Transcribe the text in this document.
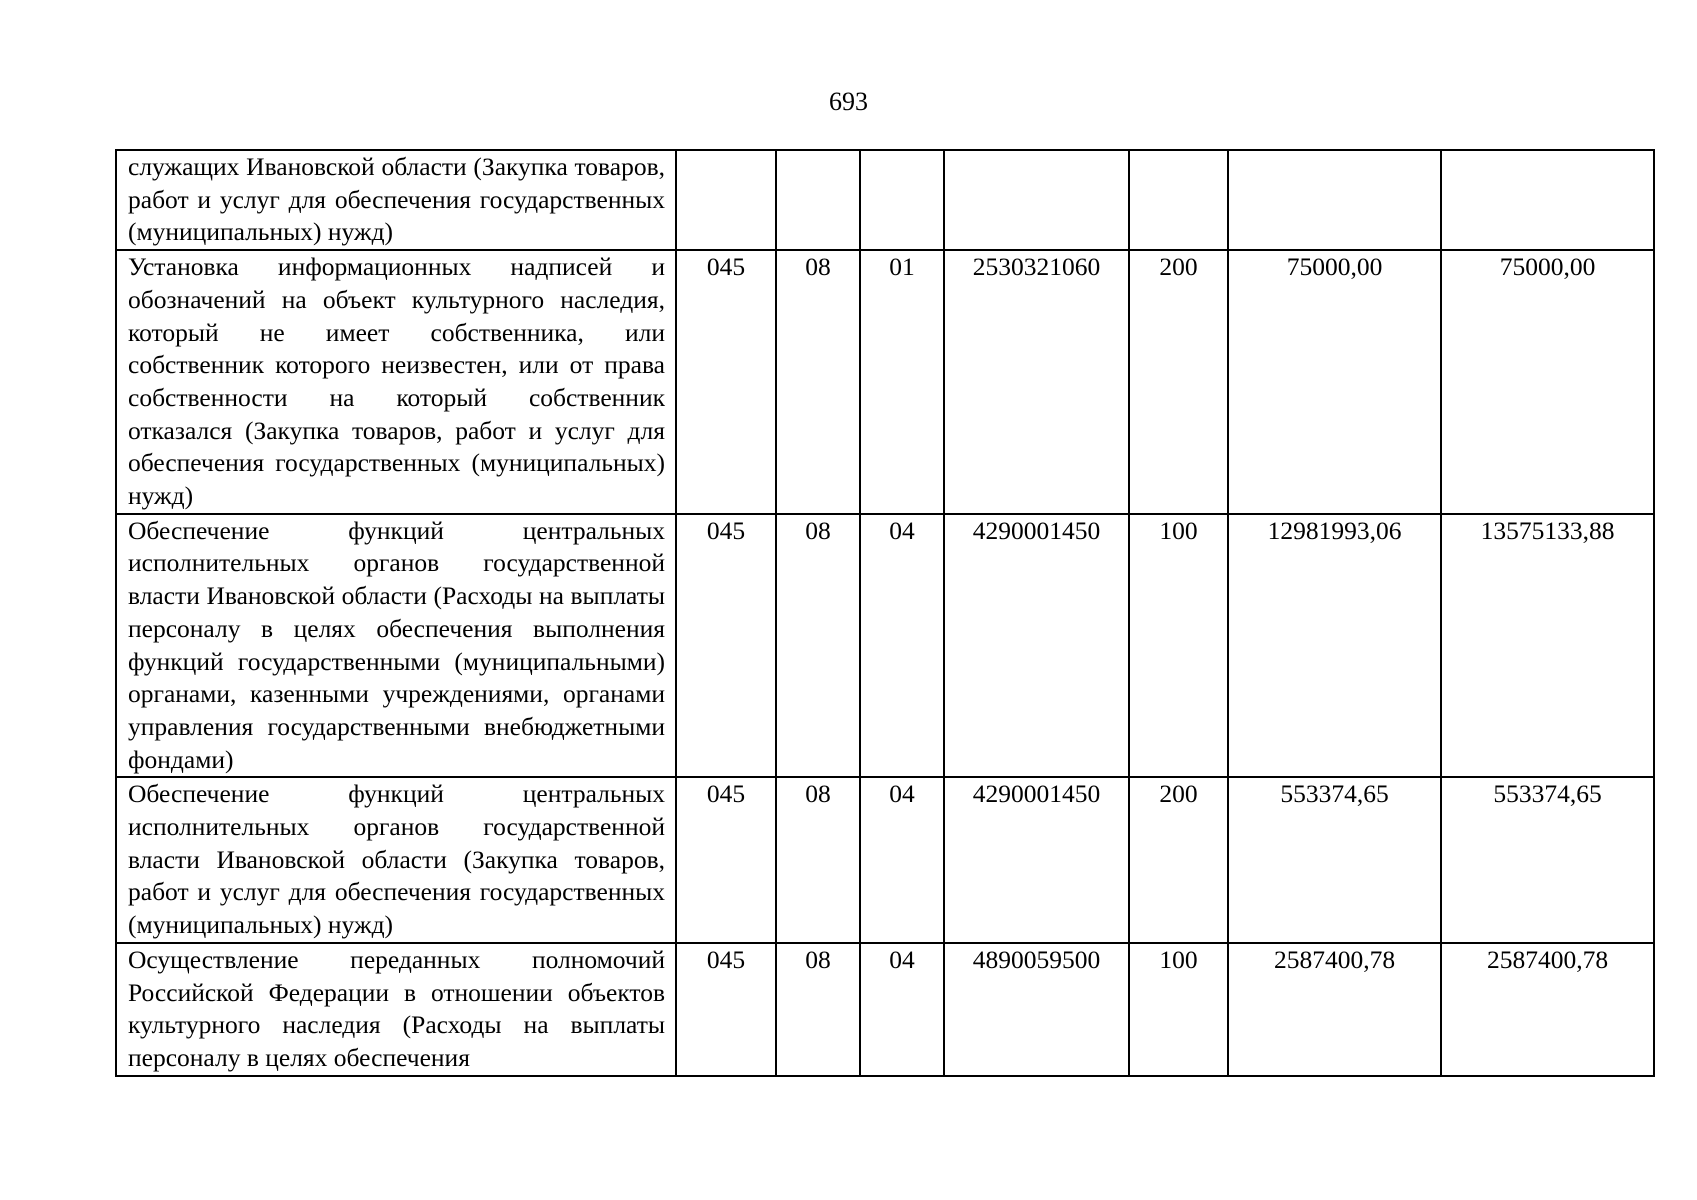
693
служащих Ивановской области (Закупка товаров, работ и услуг для обеспечения государственных (муниципальных) нужд)							
Установка информационных надписей и обозначений на объект культурного наследия, который не имеет собственника, или собственник которого неизвестен, или от права собственности на который собственник отказался (Закупка товаров, работ и услуг для обеспечения государственных (муниципальных) нужд)	045	08	01	2530321060	200	75000,00	75000,00
Обеспечение функций центральных исполнительных органов государственной власти Ивановской области (Расходы на выплаты персоналу в целях обеспечения выполнения функций государственными (муниципальными) органами, казенными учреждениями, органами управления государственными внебюджетными фондами)	045	08	04	4290001450	100	12981993,06	13575133,88
Обеспечение функций центральных исполнительных органов государственной власти Ивановской области (Закупка товаров, работ и услуг для обеспечения государственных (муниципальных) нужд)	045	08	04	4290001450	200	553374,65	553374,65
Осуществление переданных полномочий Российской Федерации в отношении объектов культурного наследия (Расходы на выплаты персоналу в целях обеспечения	045	08	04	4890059500	100	2587400,78	2587400,78
